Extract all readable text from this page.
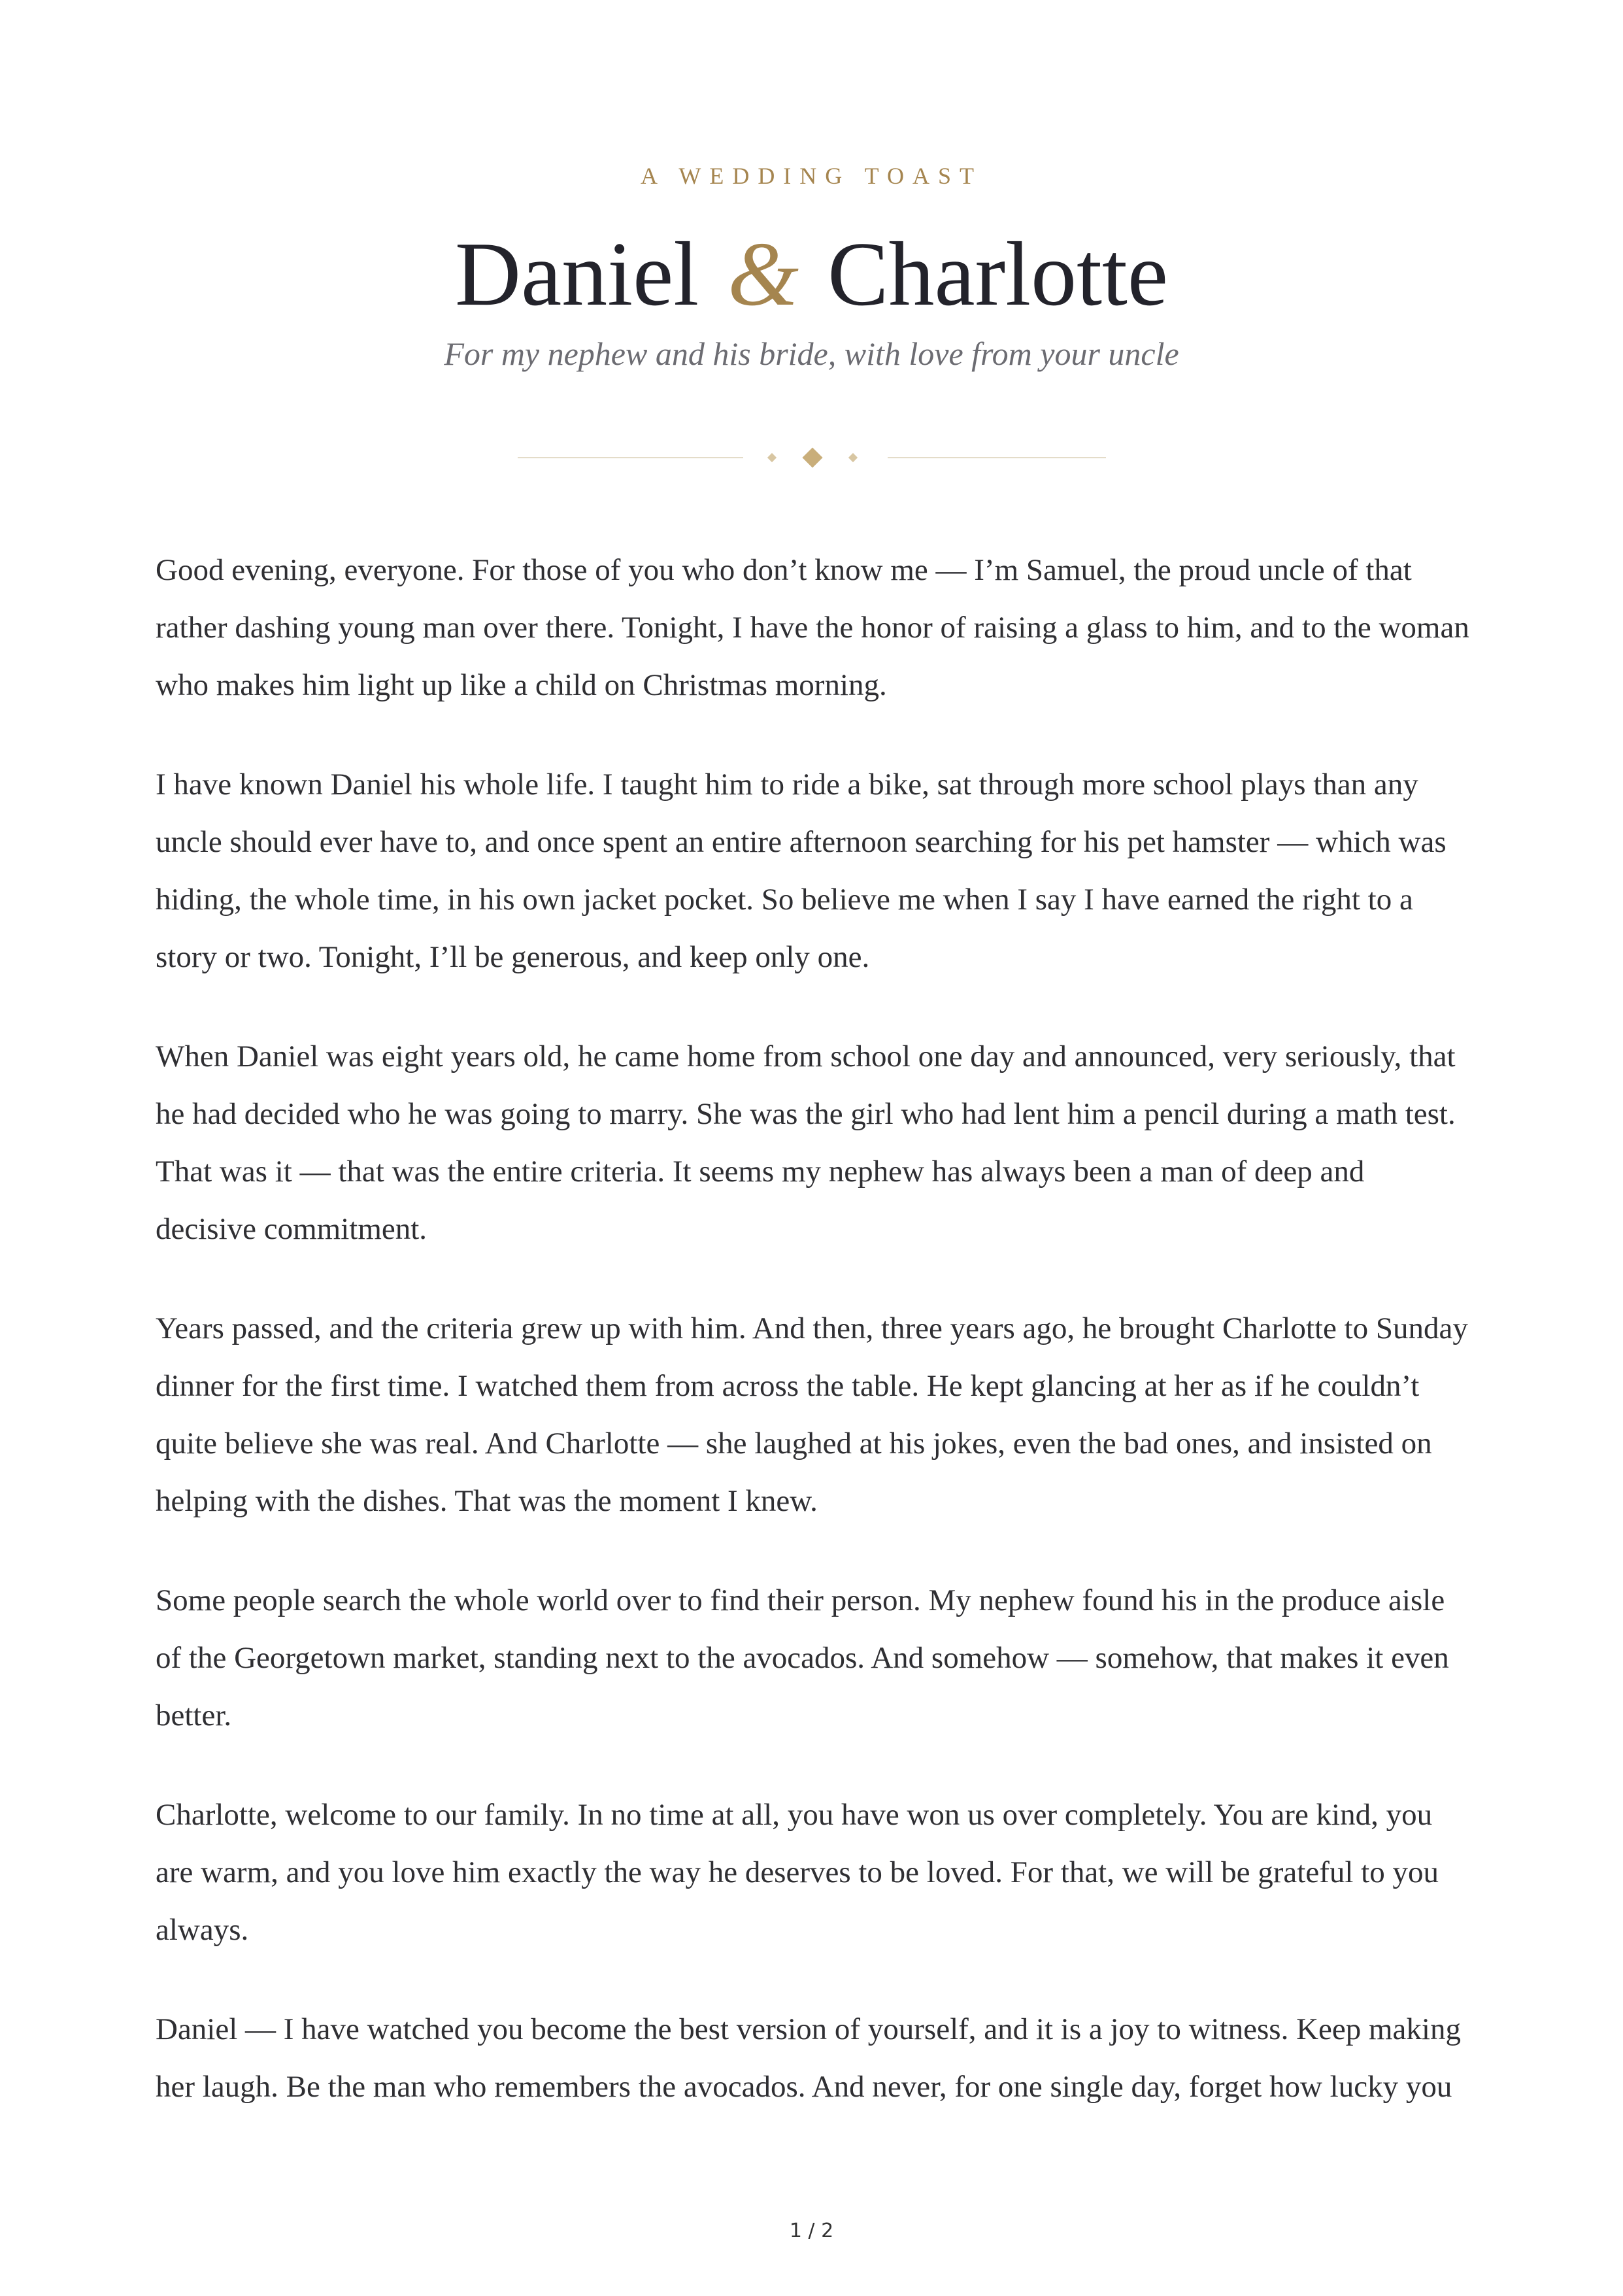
A WEDDING TOAST
Daniel & Charlotte
For my nephew and his bride, with love from your uncle

Good evening, everyone. For those of you who don’t know me — I’m Samuel, the proud uncle of that rather dashing young man over there. Tonight, I have the honor of raising a glass to him, and to the woman who makes him light up like a child on Christmas morning.

I have known Daniel his whole life. I taught him to ride a bike, sat through more school plays than any uncle should ever have to, and once spent an entire afternoon searching for his pet hamster — which was hiding, the whole time, in his own jacket pocket. So believe me when I say I have earned the right to a story or two. Tonight, I’ll be generous, and keep only one.

When Daniel was eight years old, he came home from school one day and announced, very seriously, that he had decided who he was going to marry. She was the girl who had lent him a pencil during a math test. That was it — that was the entire criteria. It seems my nephew has always been a man of deep and decisive commitment.

Years passed, and the criteria grew up with him. And then, three years ago, he brought Charlotte to Sunday dinner for the first time. I watched them from across the table. He kept glancing at her as if he couldn’t quite believe she was real. And Charlotte — she laughed at his jokes, even the bad ones, and insisted on helping with the dishes. That was the moment I knew.

Some people search the whole world over to find their person. My nephew found his in the produce aisle of the Georgetown market, standing next to the avocados. And somehow — somehow, that makes it even better.

Charlotte, welcome to our family. In no time at all, you have won us over completely. You are kind, you are warm, and you love him exactly the way he deserves to be loved. For that, we will be grateful to you always.

Daniel — I have watched you become the best version of yourself, and it is a joy to witness. Keep making her laugh. Be the man who remembers the avocados. And never, for one single day, forget how lucky you

1 / 2
